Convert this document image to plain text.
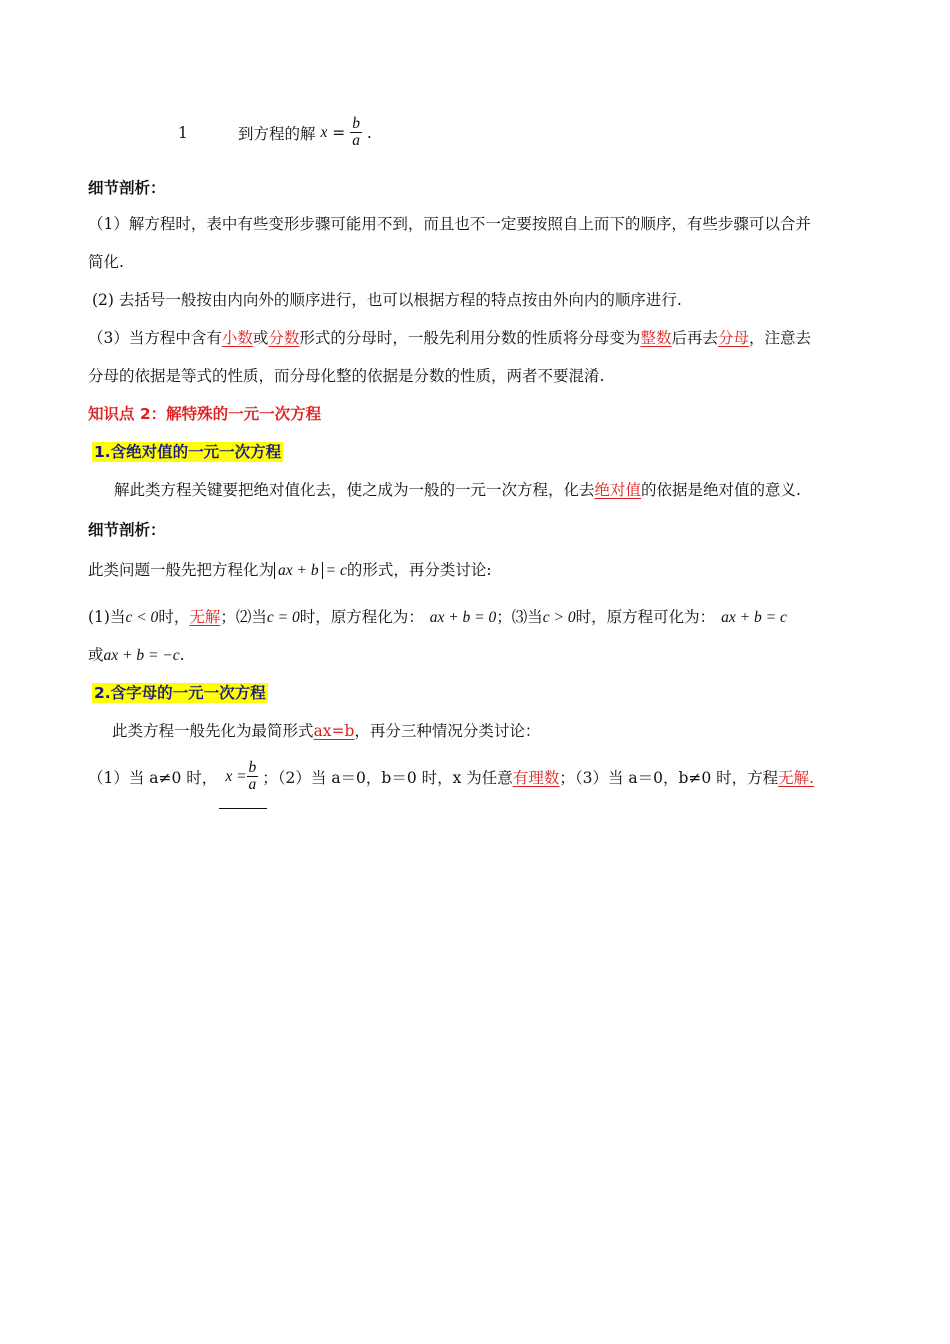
1	到方程的解 $x = \frac{b}{a}$ .
细节剖析：
（1）解方程时，表中有些变形步骤可能用不到，而且也不一定要按照自上而下的顺序，有些步骤可以合并
简化.
(2) 去括号一般按由内向外的顺序进行，也可以根据方程的特点按由外向内的顺序进行.
（3）当方程中含有小数或分数形式的分母时，一般先利用分数的性质将分母变为整数后再去分母，注意去
分母的依据是等式的性质，而分母化整的依据是分数的性质，两者不要混淆.
知识点 2：解特殊的一元一次方程
1.含绝对值的一元一次方程
解此类方程关键要把绝对值化去，使之成为一般的一元一次方程，化去绝对值的依据是绝对值的意义.
细节剖析：
此类问题一般先把方程化为 ax + b = c的形式，再分类讨论:
(1)当c < 0时，无解；⑵当c = 0时，原方程化为： ax + b = 0；⑶当c > 0时，原方程可化为： ax + b = c
或ax + b = −c.
2.含字母的一元一次方程
此类方程一般先化为最简形式ax=b，再分三种情况分类讨论：
（1）当 a≠0 时， $x = \frac{b}{a}$ ；（2）当 a＝0，b＝0 时，x 为任意有理数；（3）当 a＝0，b≠0 时，方程无解.
